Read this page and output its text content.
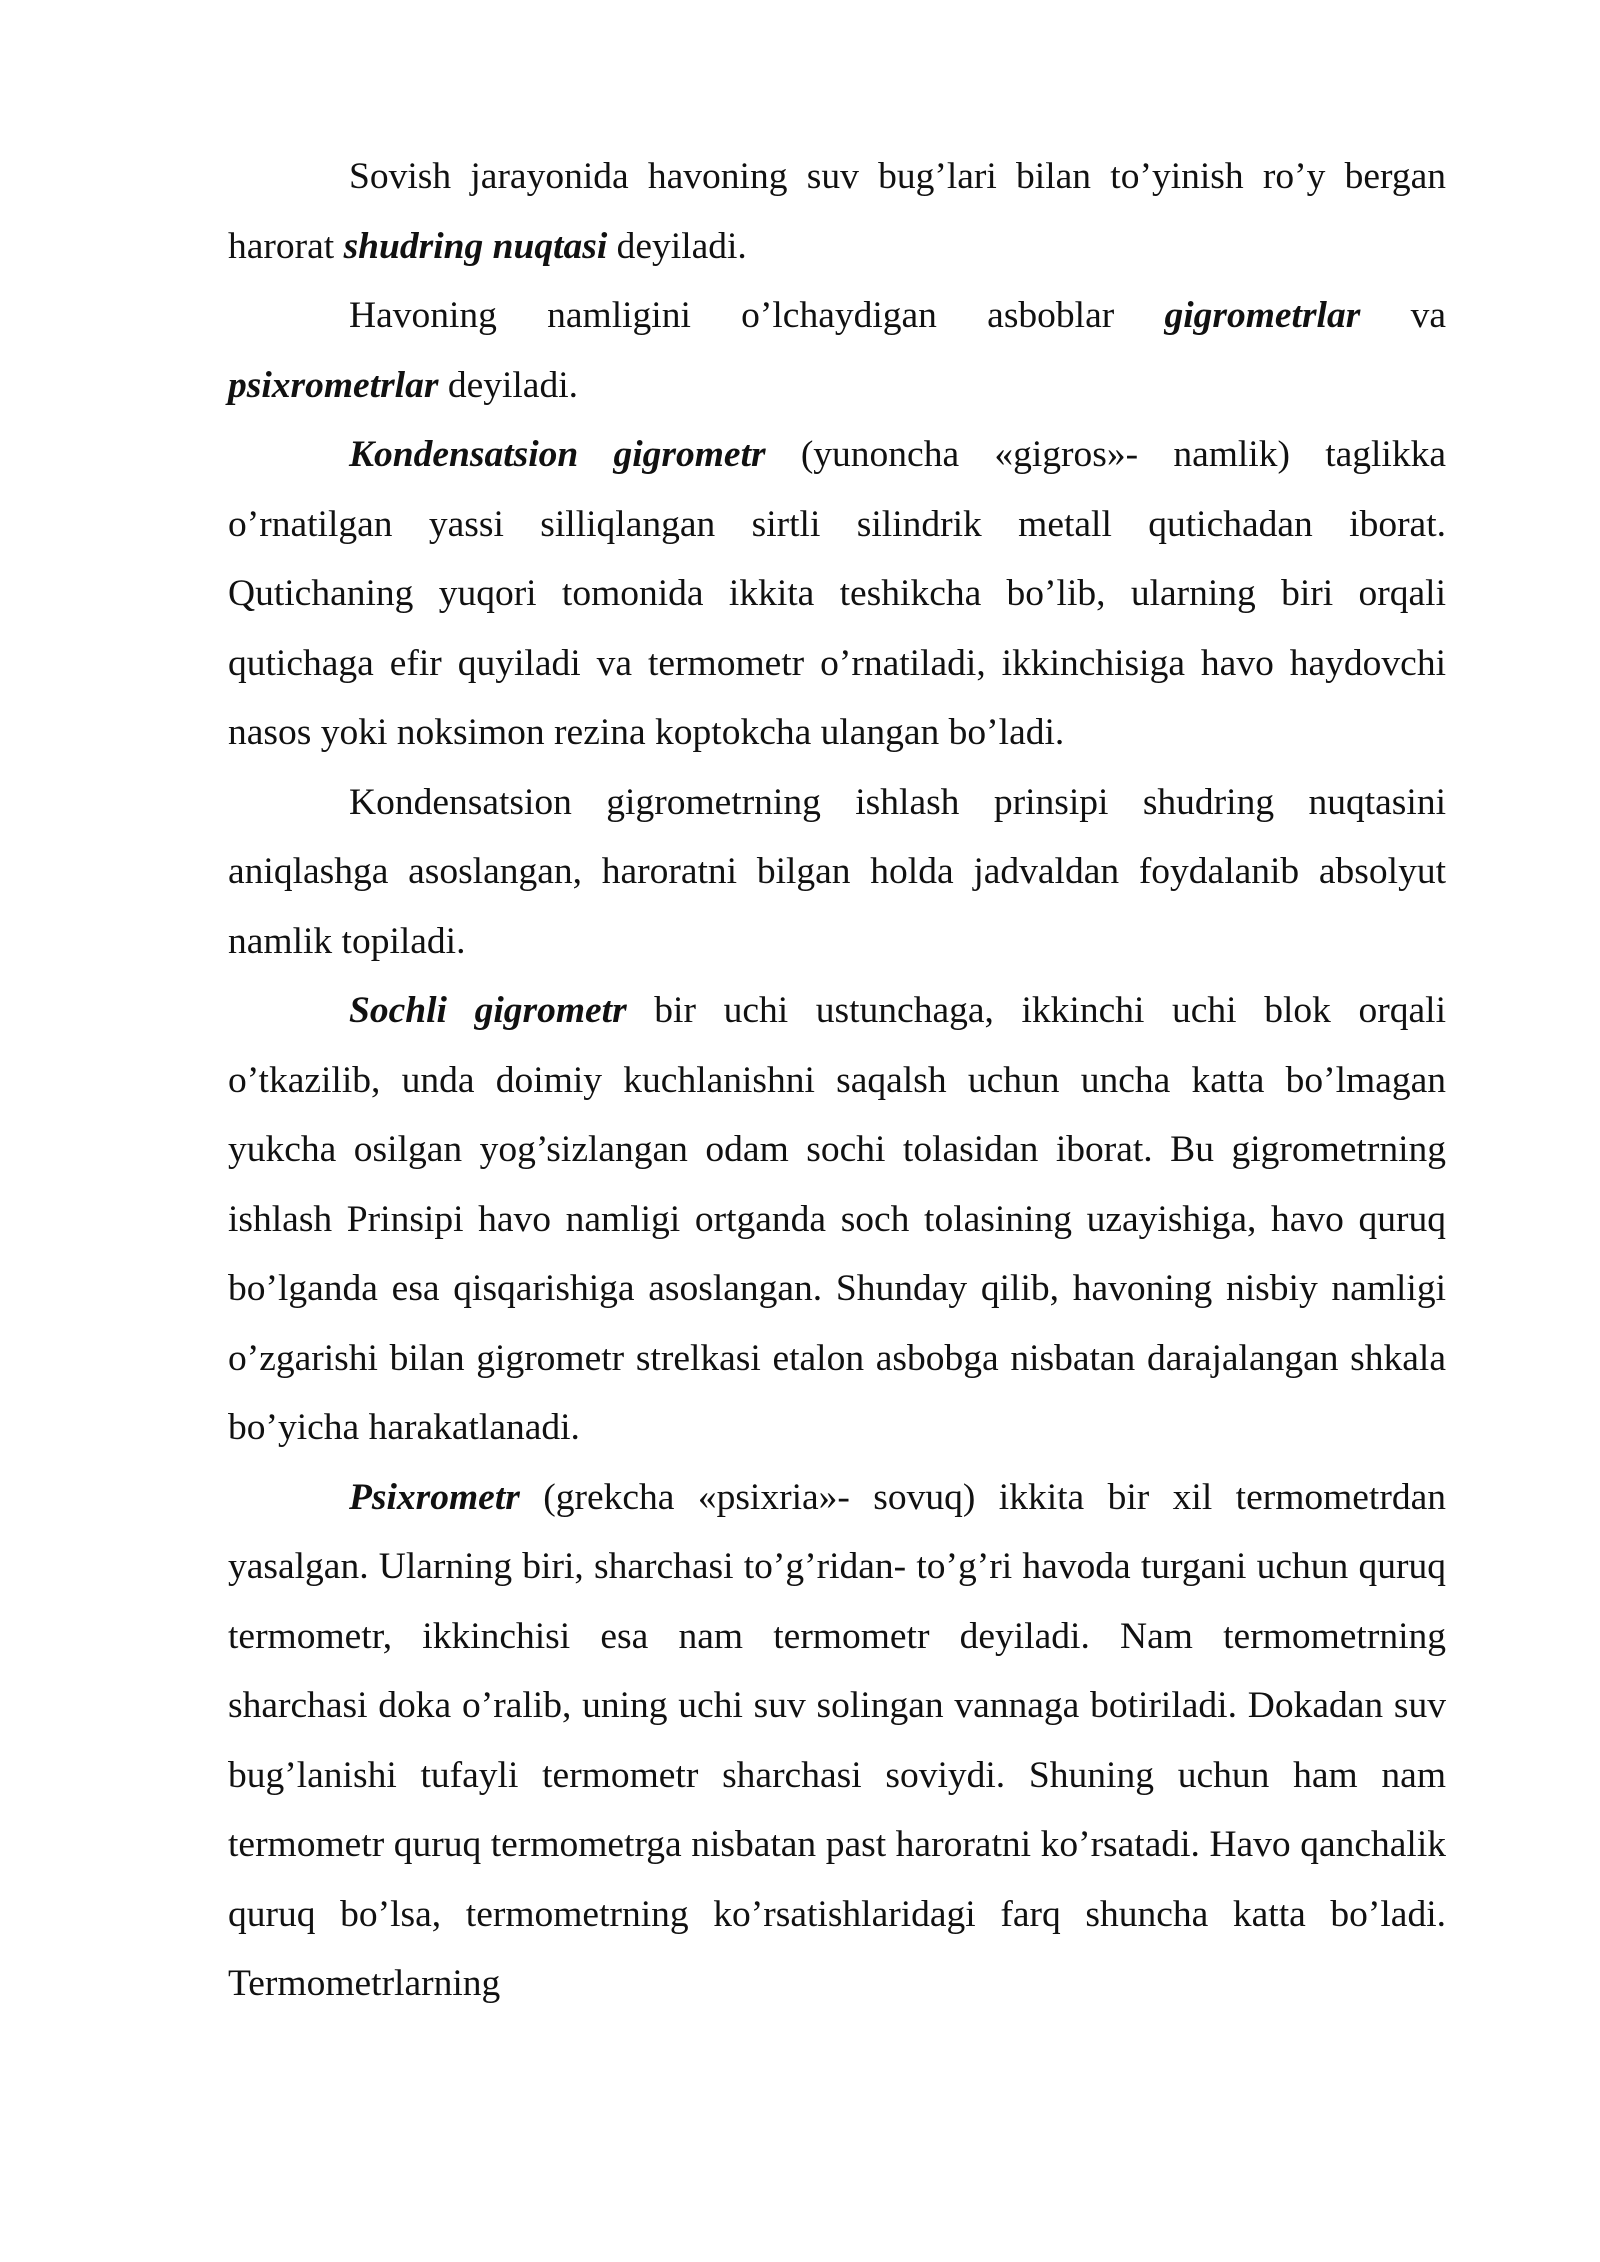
Sovish jarayonida havoning suv bug’lari bilan to’yinish ro’y bergan harorat shudring nuqtasi deyiladi.

Havoning namligini o’lchaydigan asboblar gigrometrlar va psixrometrlar deyiladi.

Kondensatsion gigrometr (yunoncha «gigros»- namlik) taglikka o’rnatilgan yassi silliqlangan sirtli silindrik metall qutichadan iborat. Qutichaning yuqori tomonida ikkita teshikcha bo’lib, ularning biri orqali qutichaga efir quyiladi va termometr o’rnatiladi, ikkinchisiga havo haydovchi nasos yoki noksimon rezina koptokcha ulangan bo’ladi.

Kondensatsion gigrometrning ishlash prinsipi shudring nuqtasini aniqlashga asoslangan, haroratni bilgan holda jadvaldan foydalanib absolyut namlik topiladi.

Sochli gigrometr bir uchi ustunchaga, ikkinchi uchi blok orqali o’tkazilib, unda doimiy kuchlanishni saqalsh uchun uncha katta bo’lmagan yukcha osilgan yog’sizlangan odam sochi tolasidan iborat. Bu gigrometrning ishlash Prinsipi havo namligi ortganda soch tolasining uzayishiga, havo quruq bo’lganda esa qisqarishiga asoslangan. Shunday qilib, havoning nisbiy namligi o’zgarishi bilan gigrometr strelkasi etalon asbobga nisbatan darajalangan shkala bo’yicha harakatlanadi.

Psixrometr (grekcha «psixria»- sovuq) ikkita bir xil termometrdan yasalgan. Ularning biri, sharchasi to’g’ridan- to’g’ri havoda turgani uchun quruq termometr, ikkinchisi esa nam termometr deyiladi. Nam termometrning sharchasi doka o’ralib, uning uchi suv solingan vannaga botiriladi. Dokadan suv bug’lanishi tufayli termometr sharchasi soviydi. Shuning uchun ham nam termometr quruq termometrga nisbatan past haroratni ko’rsatadi. Havo qanchalik quruq bo’lsa, termometrning ko’rsatishlaridagi farq shuncha katta bo’ladi. Termometrlarning
